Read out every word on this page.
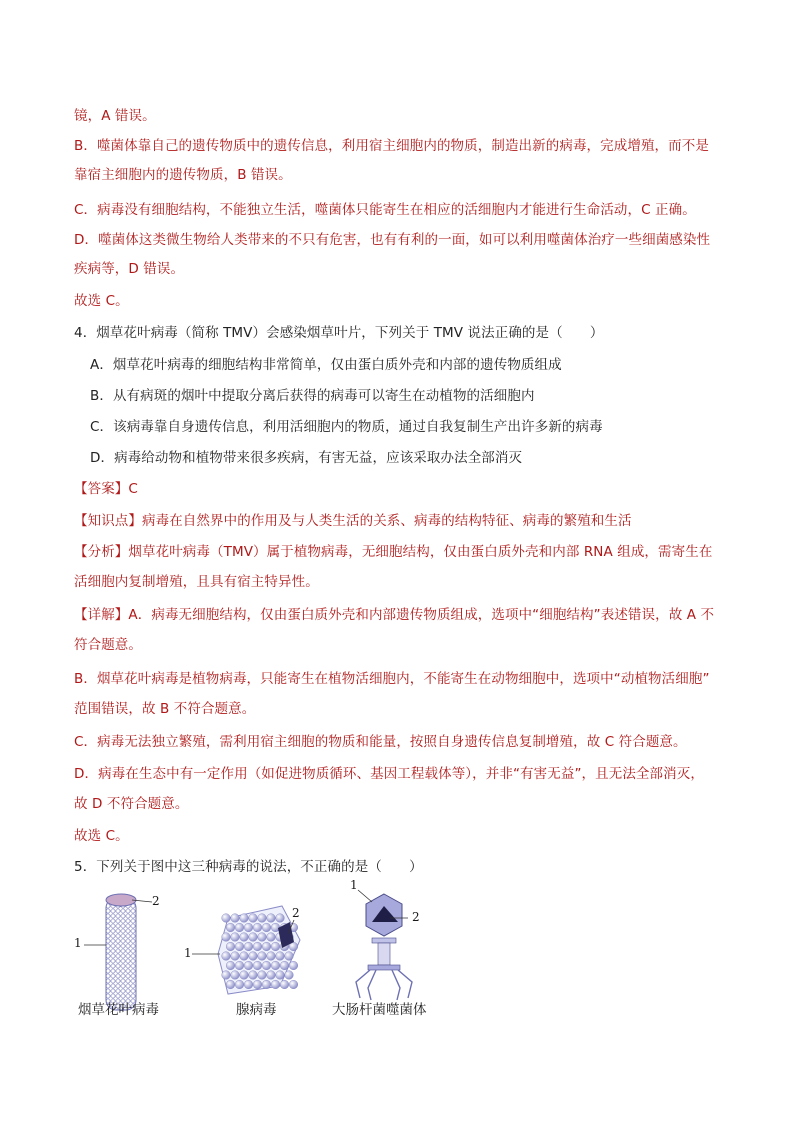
镜，A 错误。
B．噬菌体靠自己的遗传物质中的遗传信息，利用宿主细胞内的物质，制造出新的病毒，完成增殖，而不是
靠宿主细胞内的遗传物质，B 错误。
C．病毒没有细胞结构，不能独立生活，噬菌体只能寄生在相应的活细胞内才能进行生命活动，C 正确。
D．噬菌体这类微生物给人类带来的不只有危害，也有有利的一面，如可以利用噬菌体治疗一些细菌感染性
疾病等，D 错误。
故选 C。
4．烟草花叶病毒（简称 TMV）会感染烟草叶片，下列关于 TMV 说法正确的是（　　）
A．烟草花叶病毒的细胞结构非常简单，仅由蛋白质外壳和内部的遗传物质组成
B．从有病斑的烟叶中提取分离后获得的病毒可以寄生在动植物的活细胞内
C．该病毒靠自身遗传信息，利用活细胞内的物质，通过自我复制生产出许多新的病毒
D．病毒给动物和植物带来很多疾病，有害无益，应该采取办法全部消灭
符合题意。
B．烟草花叶病毒是植物病毒，只能寄生在植物活细胞内，不能寄生在动物细胞中，选项中“动植物活细胞”
范围错误，故 B 不符合题意。
C．病毒无法独立繁殖，需利用宿主细胞的物质和能量，按照自身遗传信息复制增殖，故 C 符合题意。
D．病毒在生态中有一定作用（如促进物质循环、基因工程载体等），并非“有害无益”，且无法全部消灭，
故 D 不符合题意。
故选 C。
5．下列关于图中这三种病毒的说法，不正确的是（　　）
【答案】C
【知识点】病毒在自然界中的作用及与人类生活的关系、病毒的结构特征、病毒的繁殖和生活
【分析】烟草花叶病毒（TMV）属于植物病毒，无细胞结构，仅由蛋白质外壳和内部 RNA 组成，需寄生在
活细胞内复制增殖，且具有宿主特异性。
【详解】A．病毒无细胞结构，仅由蛋白质外壳和内部遗传物质组成，选项中“细胞结构”表述错误，故 A 不
1
2
1
2
1
2
烟草花叶病毒	腺病毒	大肠杆菌噬菌体
